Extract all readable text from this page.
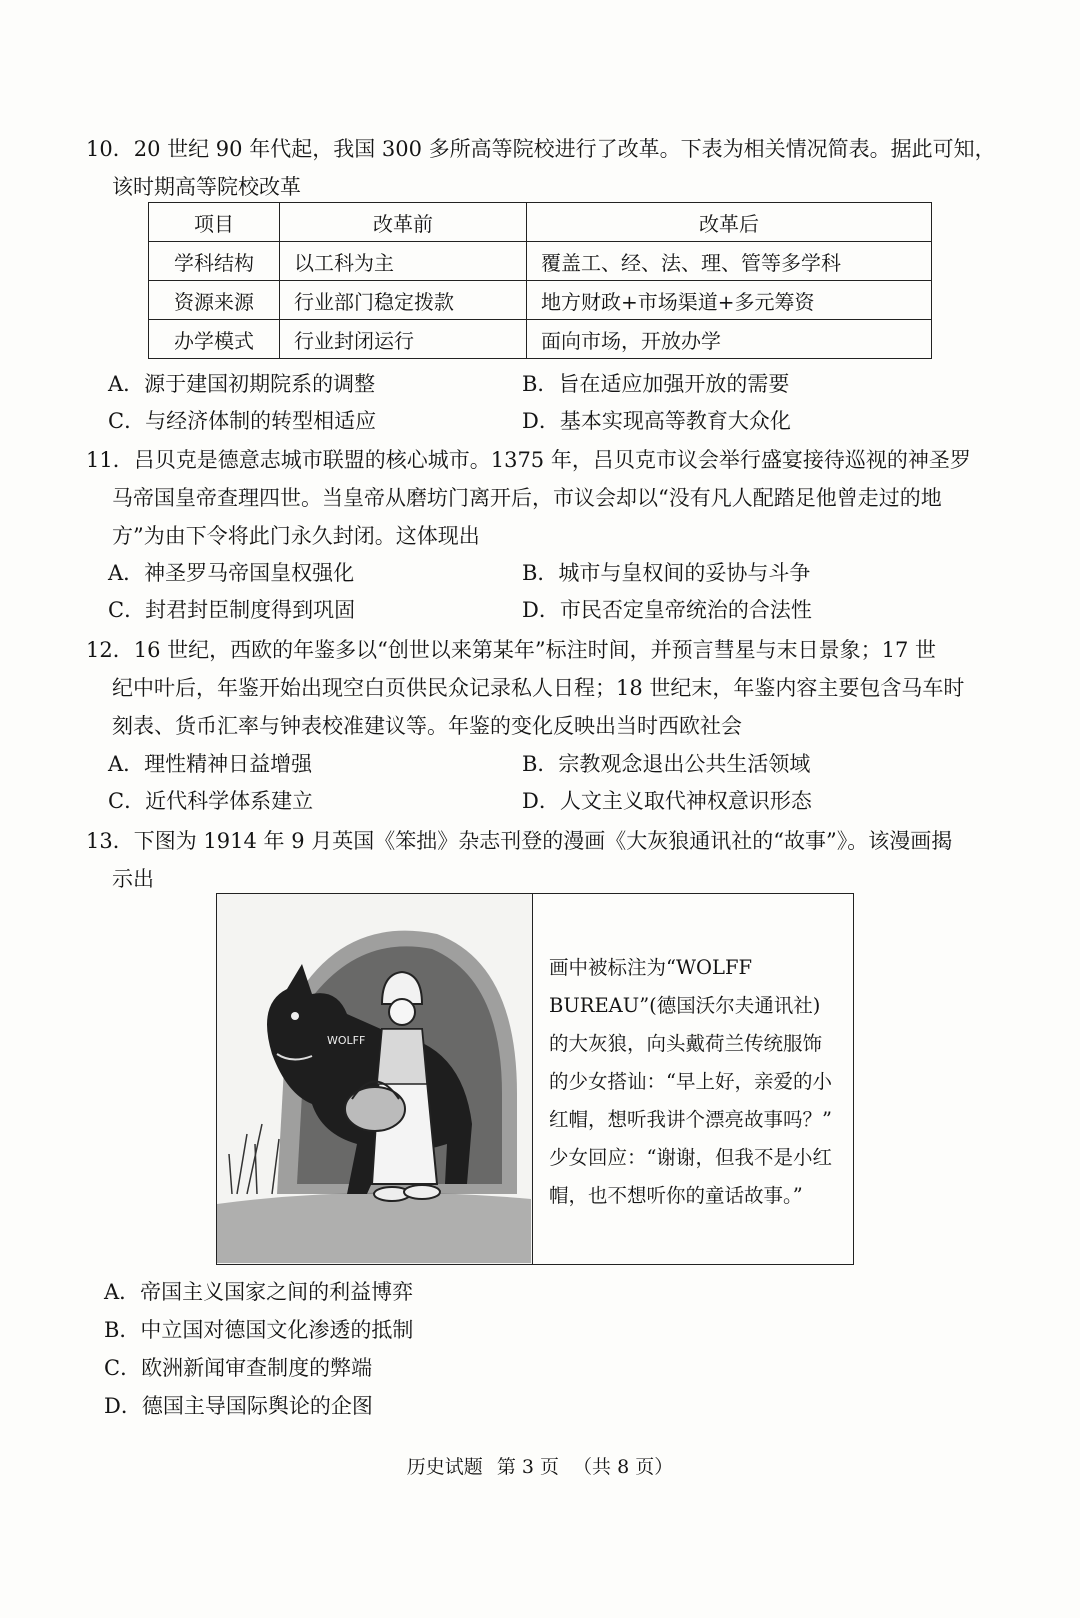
10．20 世纪 90 年代起，我国 300 多所高等院校进行了改革。下表为相关情况简表。据此可知，
该时期高等院校改革
项目	改革前	改革后
学科结构	以工科为主	覆盖工、经、法、理、管等多学科
资源来源	行业部门稳定拨款	地方财政+市场渠道+多元筹资
办学模式	行业封闭运行	面向市场，开放办学
A．源于建国初期院系的调整	B．旨在适应加强开放的需要
C．与经济体制的转型相适应	D．基本实现高等教育大众化
11．吕贝克是德意志城市联盟的核心城市。1375 年，吕贝克市议会举行盛宴接待巡视的神圣罗
马帝国皇帝查理四世。当皇帝从磨坊门离开后，市议会却以“没有凡人配踏足他曾走过的地
方”为由下令将此门永久封闭。这体现出
A．神圣罗马帝国皇权强化	B．城市与皇权间的妥协与斗争
C．封君封臣制度得到巩固	D．市民否定皇帝统治的合法性
12．16 世纪，西欧的年鉴多以“创世以来第某年”标注时间，并预言彗星与末日景象；17 世
纪中叶后，年鉴开始出现空白页供民众记录私人日程；18 世纪末，年鉴内容主要包含马车时
刻表、货币汇率与钟表校准建议等。年鉴的变化反映出当时西欧社会
A．理性精神日益增强	B．宗教观念退出公共生活领域
C．近代科学体系建立	D．人文主义取代神权意识形态
13．下图为 1914 年 9 月英国《笨拙》杂志刊登的漫画《大灰狼通讯社的“故事”》。该漫画揭
示出
WOLFF
画中被标注为“WOLFF
BUREAU”(德国沃尔夫通讯社)
的大灰狼，向头戴荷兰传统服饰
的少女搭讪：“早上好，亲爱的小
红帽，想听我讲个漂亮故事吗？”
少女回应：“谢谢，但我不是小红
帽，也不想听你的童话故事。”
A．帝国主义国家之间的利益博弈
B．中立国对德国文化渗透的抵制
C．欧洲新闻审查制度的弊端
D．德国主导国际舆论的企图
历史试题 第 3 页 （共 8 页）
